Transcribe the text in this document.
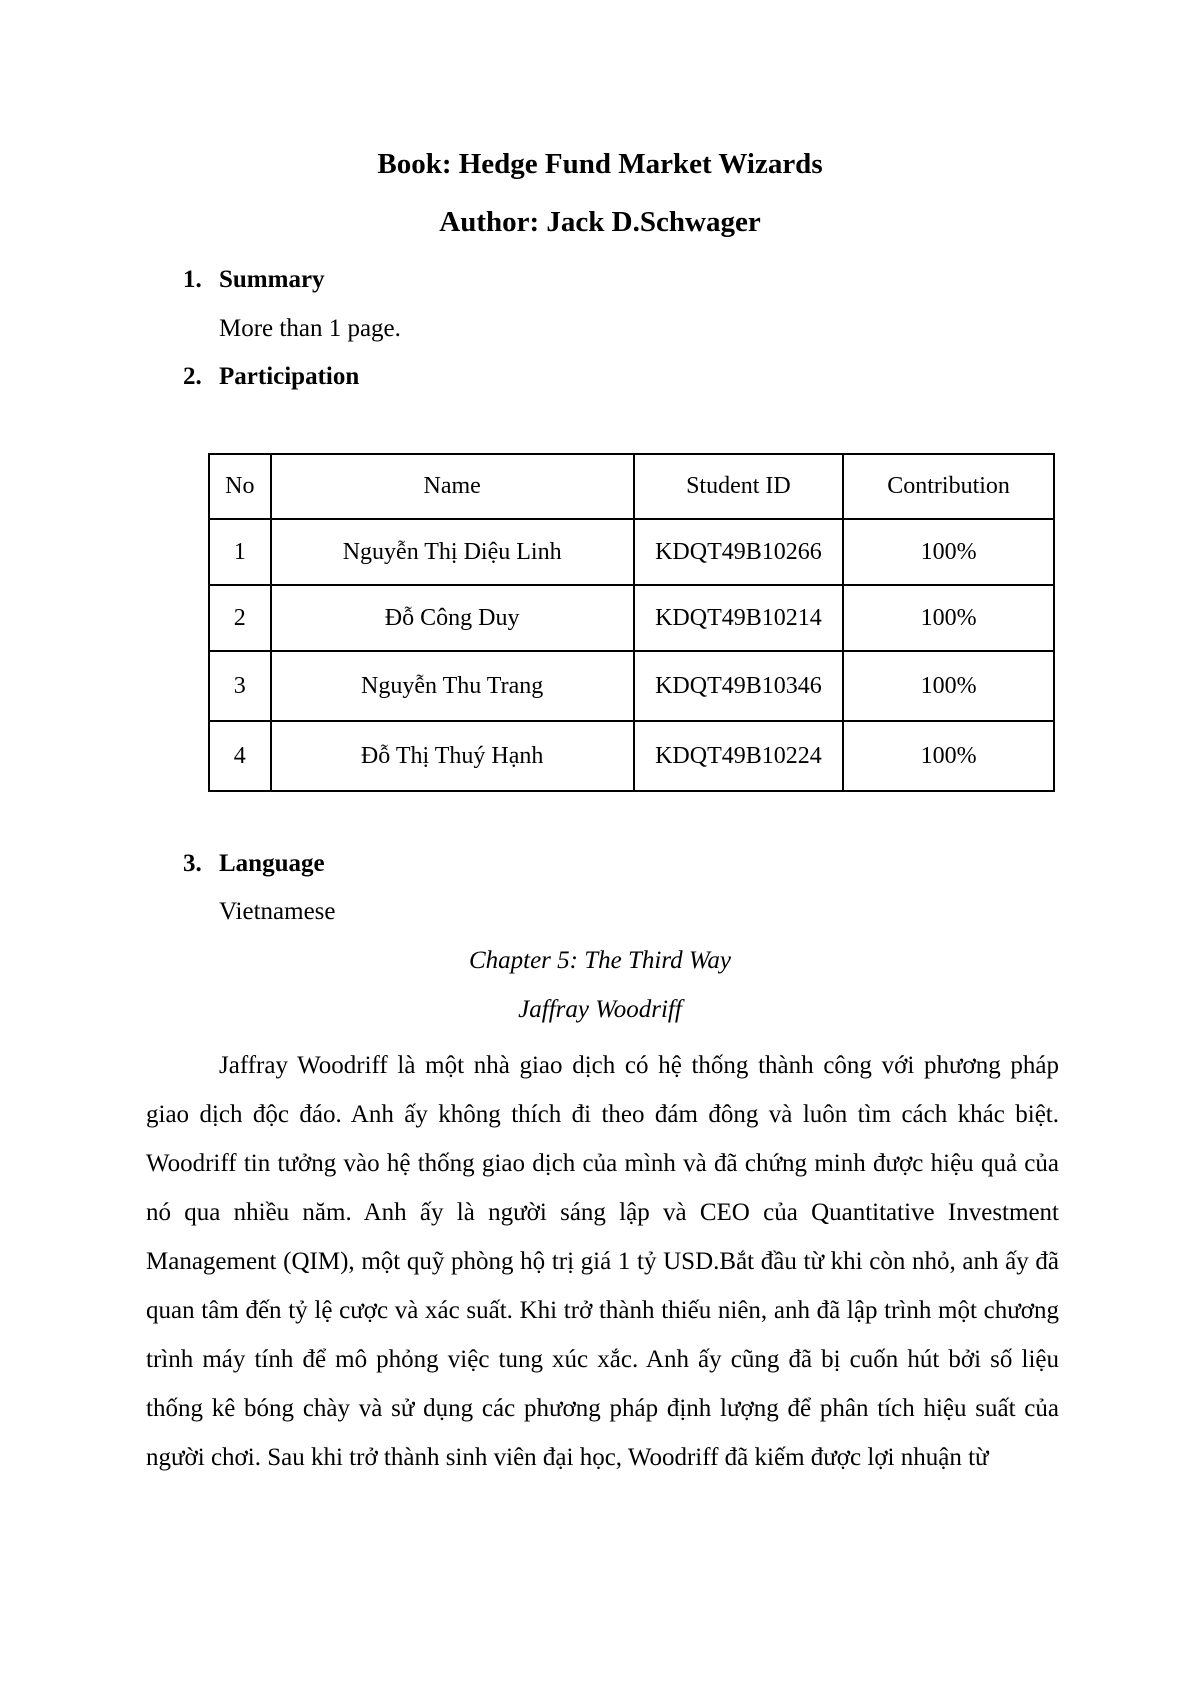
Book: Hedge Fund Market Wizards
Author: Jack D.Schwager
1. Summary
More than 1 page.
2. Participation
No	Name	Student ID	Contribution
1	Nguyễn Thị Diệu Linh	KDQT49B10266	100%
2	Đỗ Công Duy	KDQT49B10214	100%
3	Nguyễn Thu Trang	KDQT49B10346	100%
4	Đỗ Thị Thuý Hạnh	KDQT49B10224	100%
3. Language
Vietnamese
Chapter 5: The Third Way
Jaffray Woodriff

Jaffray Woodriff là một nhà giao dịch có hệ thống thành công với phương pháp giao dịch độc đáo. Anh ấy không thích đi theo đám đông và luôn tìm cách khác biệt. Woodriff tin tưởng vào hệ thống giao dịch của mình và đã chứng minh được hiệu quả của nó qua nhiều năm. Anh ấy là người sáng lập và CEO của Quantitative Investment Management (QIM), một quỹ phòng hộ trị giá 1 tỷ USD.Bắt đầu từ khi còn nhỏ, anh ấy đã quan tâm đến tỷ lệ cược và xác suất. Khi trở thành thiếu niên, anh đã lập trình một chương trình máy tính để mô phỏng việc tung xúc xắc. Anh ấy cũng đã bị cuốn hút bởi số liệu thống kê bóng chày và sử dụng các phương pháp định lượng để phân tích hiệu suất của người chơi. Sau khi trở thành sinh viên đại học, Woodriff đã kiếm được lợi nhuận từ
